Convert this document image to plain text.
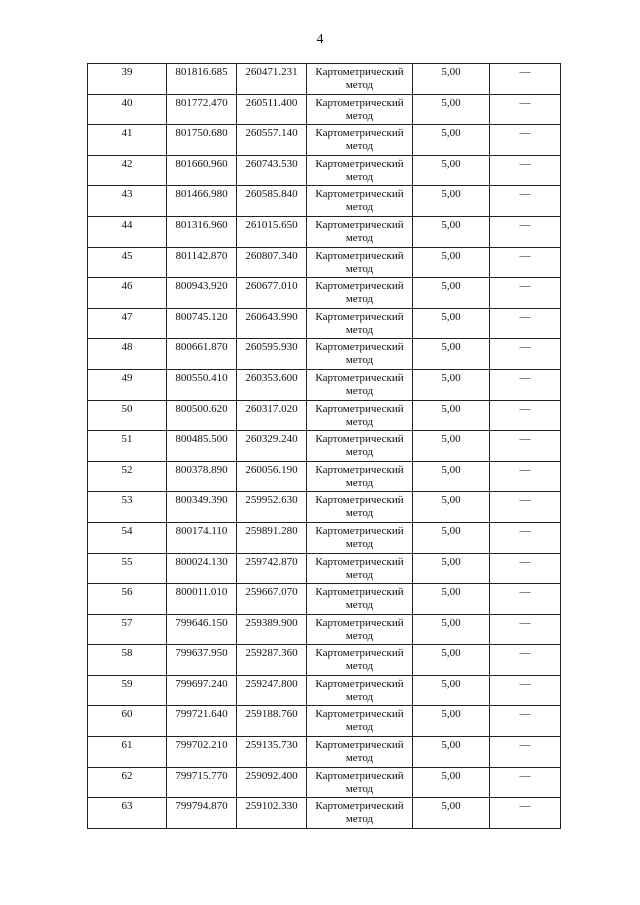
4
39	801816.685	260471.231	Картометрический метод	5,00	—

40	801772.470	260511.400	Картометрический метод	5,00	—

41	801750.680	260557.140	Картометрический метод	5,00	—

42	801660.960	260743.530	Картометрический метод	5,00	—

43	801466.980	260585.840	Картометрический метод	5,00	—

44	801316.960	261015.650	Картометрический метод	5,00	—

45	801142.870	260807.340	Картометрический метод	5,00	—

46	800943.920	260677.010	Картометрический метод	5,00	—

47	800745.120	260643.990	Картометрический метод	5,00	—

48	800661.870	260595.930	Картометрический метод	5,00	—

49	800550.410	260353.600	Картометрический метод	5,00	—

50	800500.620	260317.020	Картометрический метод	5,00	—

51	800485.500	260329.240	Картометрический метод	5,00	—

52	800378.890	260056.190	Картометрический метод	5,00	—

53	800349.390	259952.630	Картометрический метод	5,00	—

54	800174.110	259891.280	Картометрический метод	5,00	—

55	800024.130	259742.870	Картометрический метод	5,00	—

56	800011.010	259667.070	Картометрический метод	5,00	—

57	799646.150	259389.900	Картометрический метод	5,00	—

58	799637.950	259287.360	Картометрический метод	5,00	—

59	799697.240	259247.800	Картометрический метод	5,00	—

60	799721.640	259188.760	Картометрический метод	5,00	—

61	799702.210	259135.730	Картометрический метод	5,00	—

62	799715.770	259092.400	Картометрический метод	5,00	—

63	799794.870	259102.330	Картометрический метод	5,00	—
